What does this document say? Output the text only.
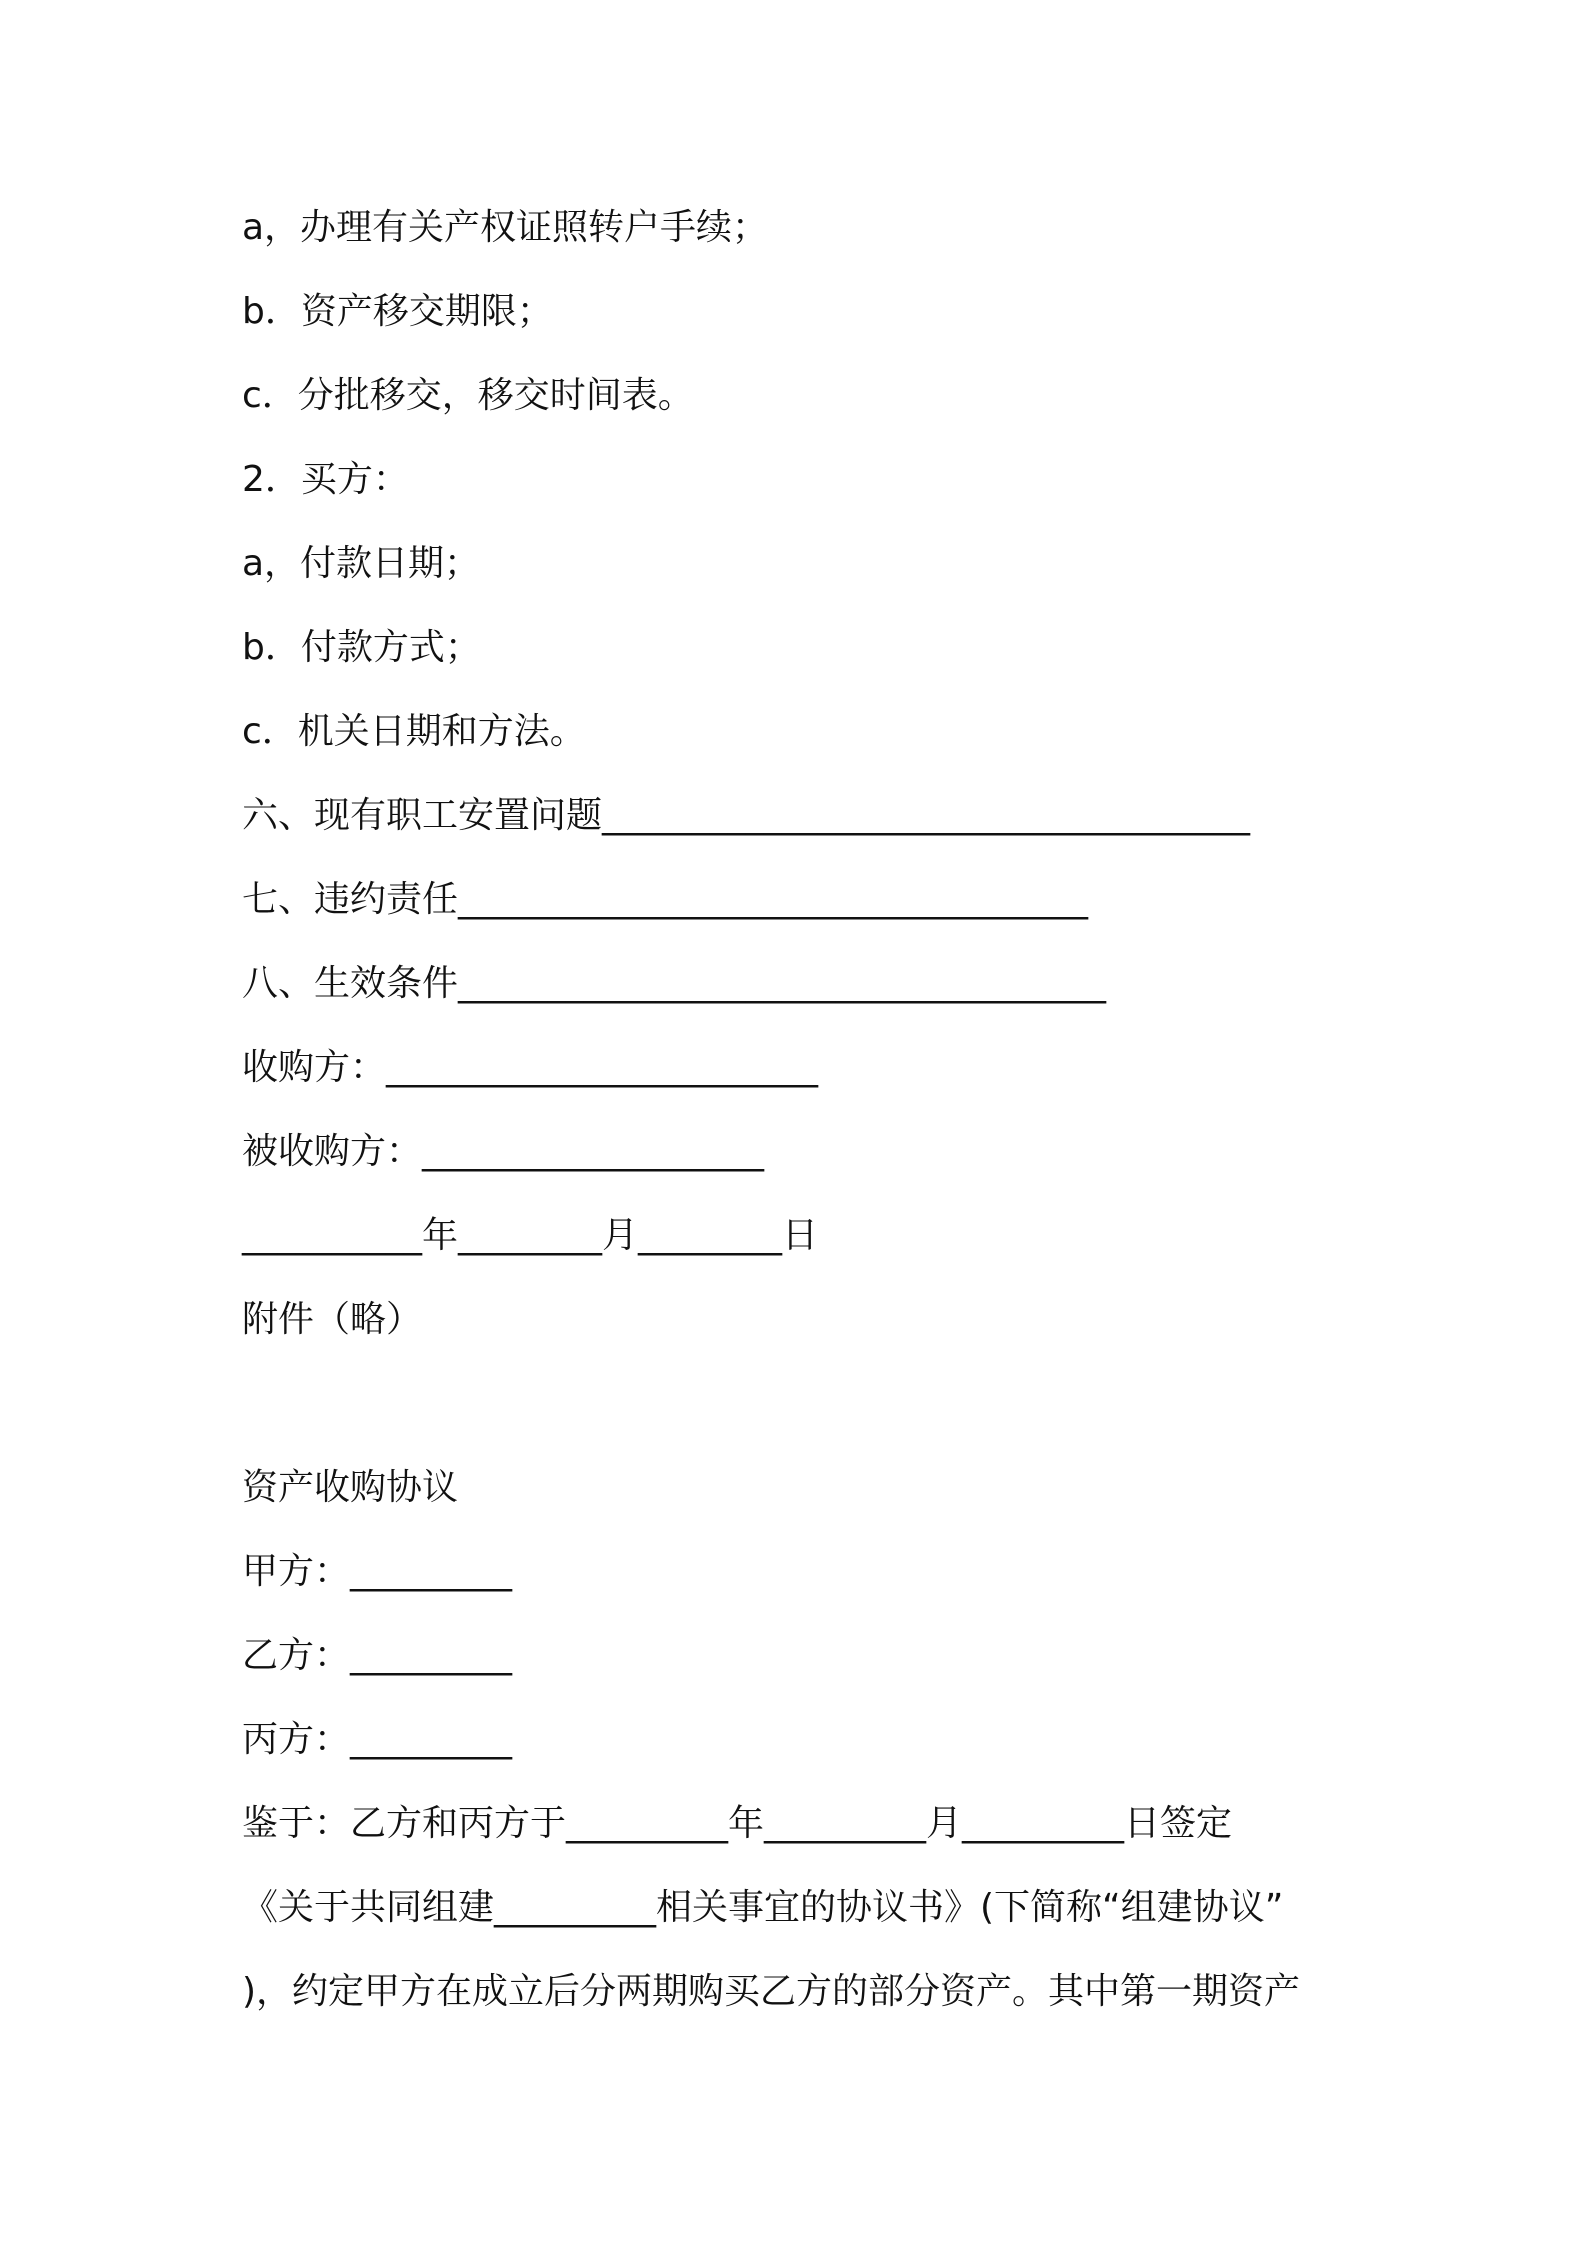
a，办理有关产权证照转户手续；
b．资产移交期限；
c．分批移交，移交时间表。
2．买方：
a，付款日期；
b．付款方式；
c．机关日期和方法。
六、现有职工安置问题____________________________________
七、违约责任___________________________________
八、生效条件____________________________________
收购方：________________________
被收购方：___________________
__________年________月________日
附件（略）
资产收购协议
甲方：_________
乙方：_________
丙方：_________
鉴于：乙方和丙方于_________年_________月_________日签定
《关于共同组建_________相关事宜的协议书》(下简称“组建协议”
)，约定甲方在成立后分两期购买乙方的部分资产。其中第一期资产
